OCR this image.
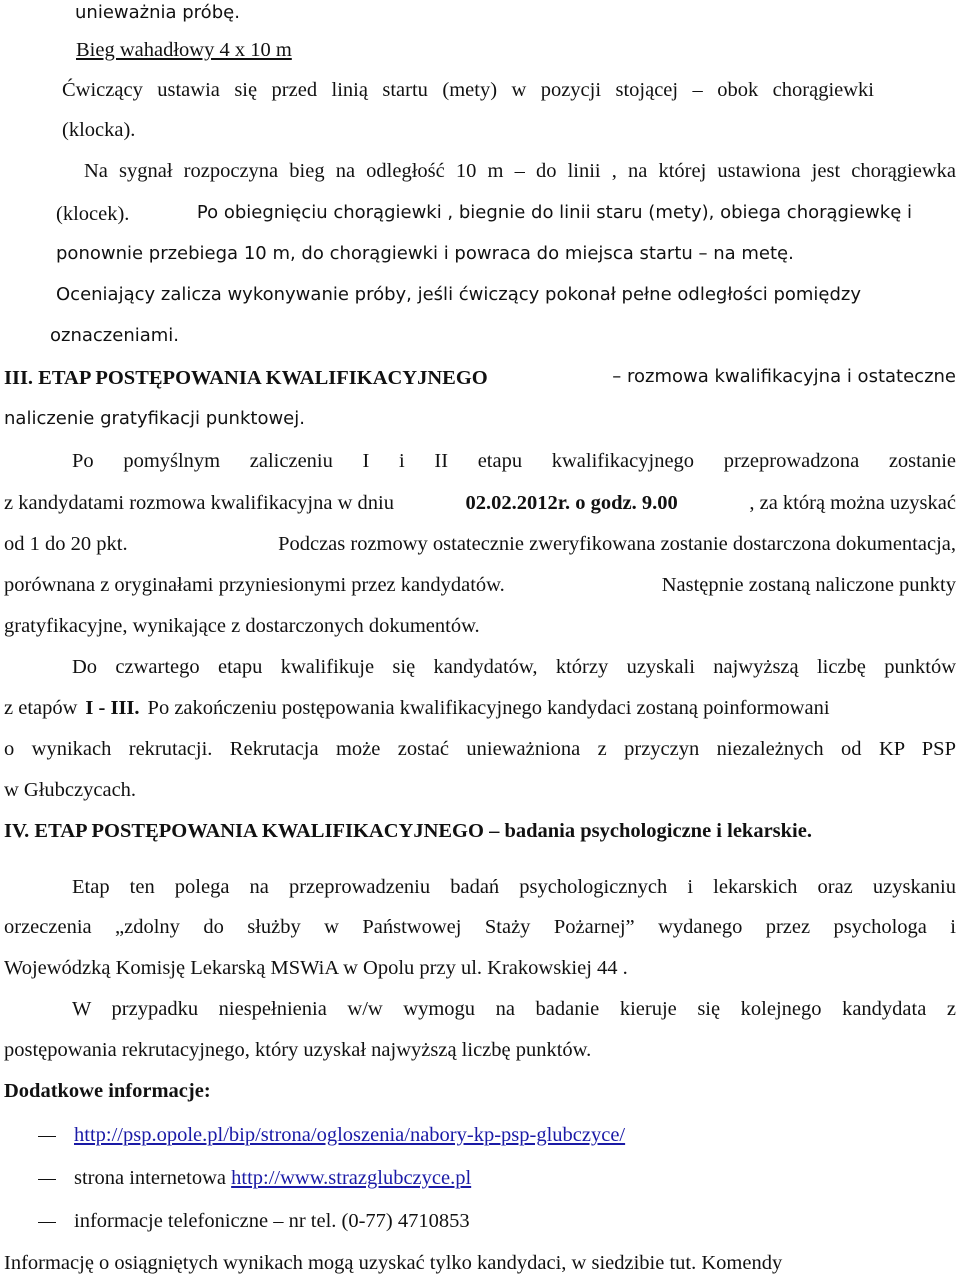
unieważnia próbę.
Bieg wahadłowy 4 x 10 m
Ćwiczący ustawia się przed linią startu (mety) w pozycji stojącej – obok chorągiewki
(klocka).
Na sygnał rozpoczyna bieg na odległość 10 m – do linii , na której ustawiona jest chorągiewka
(klocek).	Po obiegnięciu chorągiewki , biegnie do linii staru (mety), obiega chorągiewkę i
ponownie przebiega 10 m, do chorągiewki i powraca do miejsca startu – na metę.
Oceniający zalicza wykonywanie próby, jeśli ćwiczący pokonał pełne odległości pomiędzy
oznaczeniami.
III. ETAP POSTĘPOWANIA KWALIFIKACYJNEGO	– rozmowa kwalifikacyjna i ostateczne
naliczenie gratyfikacji punktowej.
Po pomyślnym zaliczeniu I i II etapu kwalifikacyjnego przeprowadzona zostanie
z kandydatami rozmowa kwalifikacyjna w dniu	02.02.2012r. o godz. 9.00	, za którą można uzyskać
od 1 do 20 pkt.	Podczas rozmowy ostatecznie zweryfikowana zostanie dostarczona dokumentacja,
porównana z oryginałami przyniesionymi przez kandydatów.	Następnie zostaną naliczone punkty
gratyfikacyjne, wynikające z dostarczonych dokumentów.
Do czwartego etapu kwalifikuje się kandydatów, którzy uzyskali najwyższą liczbę punktów
z etapów I - III. Po zakończeniu postępowania kwalifikacyjnego kandydaci zostaną poinformowani
o wynikach rekrutacji. Rekrutacja może zostać unieważniona z przyczyn niezależnych od KP PSP
w Głubczycach.
IV. ETAP POSTĘPOWANIA KWALIFIKACYJNEGO – badania psychologiczne i lekarskie.
Etap ten polega na przeprowadzeniu badań psychologicznych i lekarskich oraz uzyskaniu
orzeczenia „zdolny do służby w Państwowej Staży Pożarnej” wydanego przez psychologa i
Wojewódzką Komisję Lekarską MSWiA w Opolu przy ul. Krakowskiej 44 .
W przypadku niespełnienia w/w wymogu na badanie kieruje się kolejnego kandydata z
postępowania rekrutacyjnego, który uzyskał najwyższą liczbę punktów.
Dodatkowe informacje:
http://psp.opole.pl/bip/strona/ogloszenia/nabory-kp-psp-glubczyce/
strona internetowa http://www.strazglubczyce.pl
informacje telefoniczne – nr tel. (0-77) 4710853
Informację o osiągniętych wynikach mogą uzyskać tylko kandydaci, w siedzibie tut. Komendy
